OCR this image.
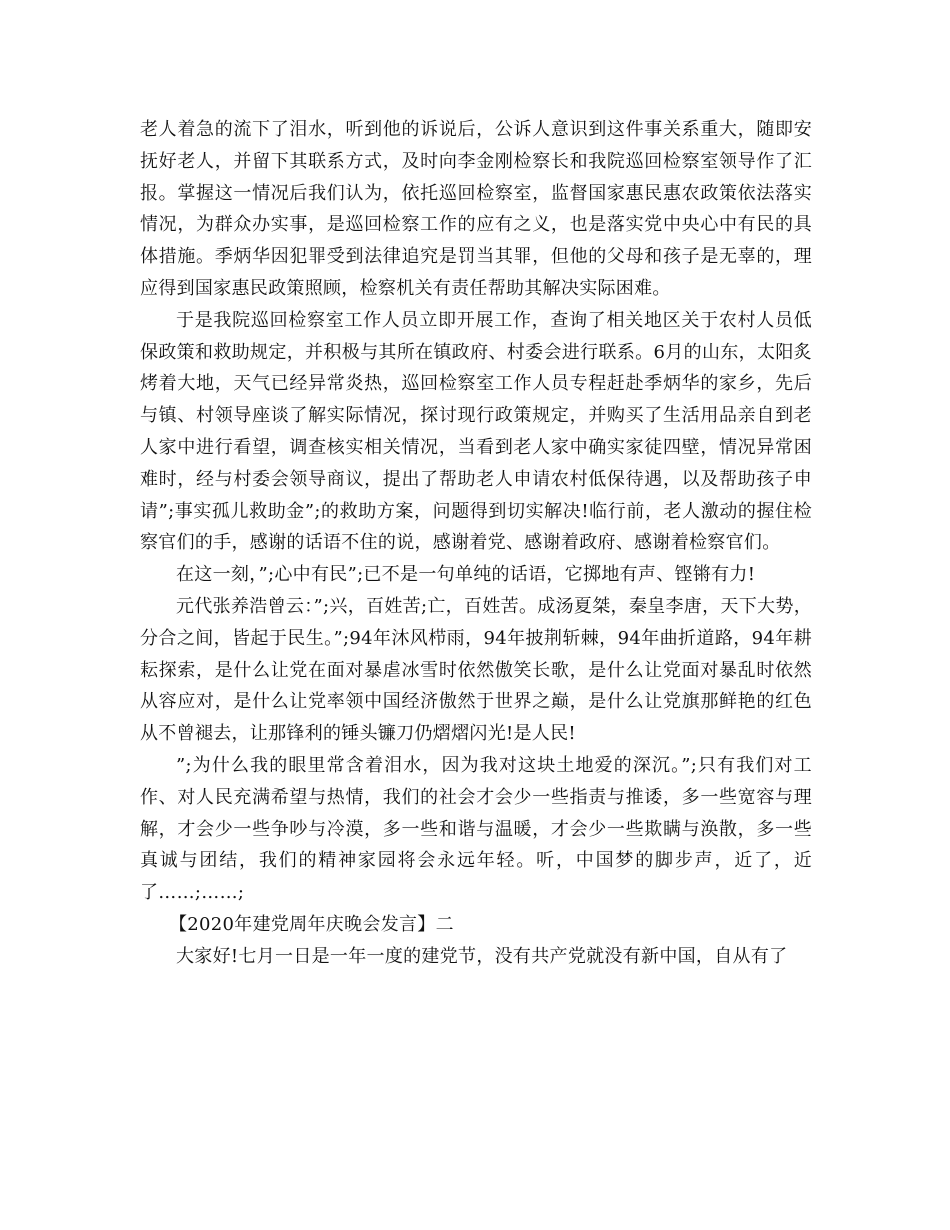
老人着急的流下了泪水，听到他的诉说后，公诉人意识到这件事关系重大，随即安抚好老人，并留下其联系方式，及时向李金刚检察长和我院巡回检察室领导作了汇报。掌握这一情况后我们认为，依托巡回检察室，监督国家惠民惠农政策依法落实情况，为群众办实事，是巡回检察工作的应有之义，也是落实党中央心中有民的具体措施。季炳华因犯罪受到法律追究是罚当其罪，但他的父母和孩子是无辜的，理应得到国家惠民政策照顾，检察机关有责任帮助其解决实际困难。

于是我院巡回检察室工作人员立即开展工作，查询了相关地区关于农村人员低保政策和救助规定，并积极与其所在镇政府、村委会进行联系。6月的山东，太阳炙烤着大地，天气已经异常炎热，巡回检察室工作人员专程赶赴季炳华的家乡，先后与镇、村领导座谈了解实际情况，探讨现行政策规定，并购买了生活用品亲自到老人家中进行看望，调查核实相关情况，当看到老人家中确实家徒四壁，情况异常困难时，经与村委会领导商议，提出了帮助老人申请农村低保待遇，以及帮助孩子申请”;事实孤儿救助金”;的救助方案，问题得到切实解决!临行前，老人激动的握住检察官们的手，感谢的话语不住的说，感谢着党、感谢着政府、感谢着检察官们。

在这一刻，”;心中有民”;已不是一句单纯的话语，它掷地有声、铿锵有力!

元代张养浩曾云：”;兴，百姓苦;亡，百姓苦。成汤夏桀，秦皇李唐，天下大势，分合之间，皆起于民生。”;94年沐风栉雨，94年披荆斩棘，94年曲折道路，94年耕耘探索，是什么让党在面对暴虐冰雪时依然傲笑长歌，是什么让党面对暴乱时依然从容应对，是什么让党率领中国经济傲然于世界之巅，是什么让党旗那鲜艳的红色从不曾褪去，让那锋利的锤头镰刀仍熠熠闪光!是人民!

”;为什么我的眼里常含着泪水，因为我对这块土地爱的深沉。”;只有我们对工作、对人民充满希望与热情，我们的社会才会少一些指责与推诿，多一些宽容与理解，才会少一些争吵与冷漠，多一些和谐与温暖，才会少一些欺瞒与涣散，多一些真诚与团结，我们的精神家园将会永远年轻。听，中国梦的脚步声，近了，近了……;……;

【2020年建党周年庆晚会发言】二

大家好!七月一日是一年一度的建党节，没有共产党就没有新中国，自从有了
